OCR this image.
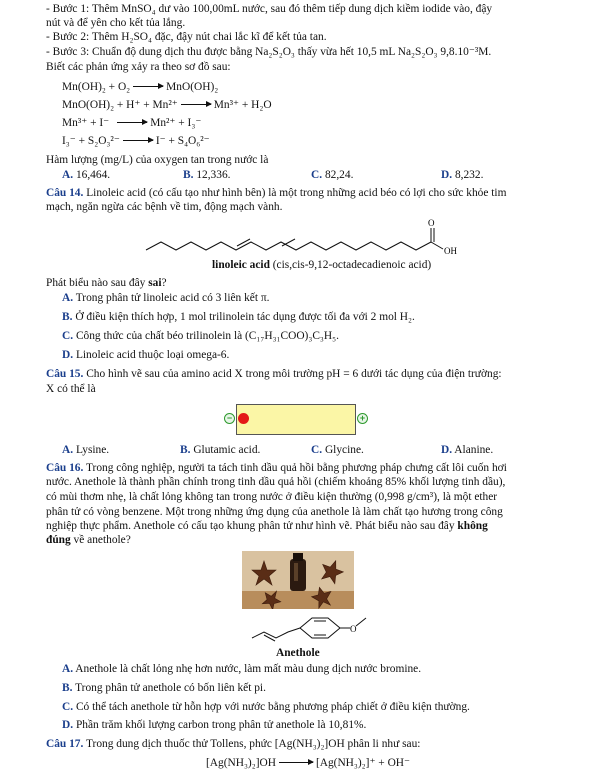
- Bước 1: Thêm MnSO₄ dư vào 100,00mL nước, sau đó thêm tiếp dung dịch kiềm iodide vào, đậy
nút và để yên cho kết tủa lắng.
- Bước 2: Thêm H₂SO₄ đặc, đậy nút chai lắc kĩ để kết tủa tan.
- Bước 3: Chuẩn độ dung dịch thu được bằng Na₂S₂O₃ thấy vừa hết 10,5 mL Na₂S₂O₃ 9,8.10⁻³M.
Biết các phản ứng xảy ra theo sơ đồ sau:
Mn(OH)₂ + O₂	MnO(OH)₂
MnO(OH)₂ + H⁺ + Mn²⁺	Mn³⁺ + H₂O
Mn³⁺ + I⁻	Mn²⁺ + I₃⁻
I₃⁻ + S₂O₃²⁻	I⁻ + S₄O₆²⁻
Hàm lượng (mg/L) của oxygen tan trong nước là
A. 16,464.	B. 12,336.	C. 82,24.	D. 8,232.
Câu 14. Linoleic acid (có cấu tạo như hình bên) là một trong những acid béo có lợi cho sức khỏe tim
mạch, ngăn ngừa các bệnh về tim, động mạch vành.
O
OH
linoleic acid (cis,cis-9,12-octadecadienoic acid)
Phát biểu nào sau đây sai?
A. Trong phân tử linoleic acid có 3 liên kết π.
B. Ở điều kiện thích hợp, 1 mol trilinolein tác dụng được tối đa với 2 mol H₂.
C. Công thức của chất béo trilinolein là (C₁₇H₃₁COO)₃C₃H₅.
D. Linoleic acid thuộc loại omega-6.
Câu 15. Cho hình vẽ sau của amino acid X trong môi trường pH = 6 dưới tác dụng của điện trường:
X có thể là
−	+
A. Lysine.	B. Glutamic acid.	C. Glycine.	D. Alanine.
Câu 16. Trong công nghiệp, người ta tách tinh dầu quả hồi bằng phương pháp chưng cất lôi cuốn hơi
nước. Anethole là thành phần chính trong tinh dầu quả hồi (chiếm khoảng 85% khối lượng tinh dầu),
có mùi thơm nhẹ, là chất lỏng không tan trong nước ở điều kiện thường (0,998 g/cm³), là một ether
phân tử có vòng benzene. Một trong những ứng dụng của anethole là làm chất tạo hương trong công
nghiệp thực phẩm. Anethole có cấu tạo khung phân tử như hình vẽ. Phát biểu nào sau đây không
đúng về anethole?
O
Anethole
A. Anethole là chất lỏng nhẹ hơn nước, làm mất màu dung dịch nước bromine.
B. Trong phân tử anethole có bốn liên kết pi.
C. Có thể tách anethole từ hỗn hợp với nước bằng phương pháp chiết ở điều kiện thường.
D. Phần trăm khối lượng carbon trong phân tử anethole là 10,81%.
Câu 17. Trong dung dịch thuốc thử Tollens, phức [Ag(NH₃)₂]OH phân li như sau:
[Ag(NH₃)₂]OH	[Ag(NH₃)₂]⁺ + OH⁻
